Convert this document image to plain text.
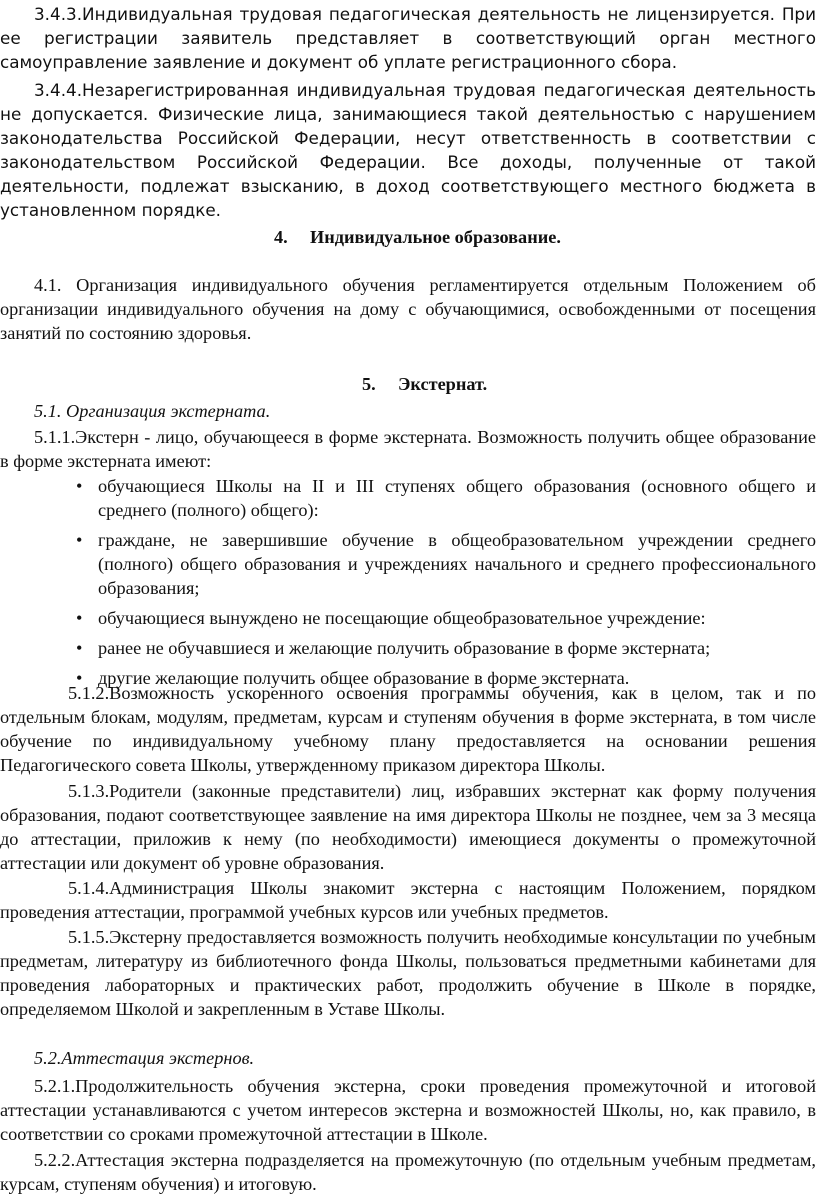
3.4.3.Индивидуальная трудовая педагогическая деятельность не лицензируется. При ее регистрации заявитель представляет в соответствующий орган местного самоуправление заявление и документ об уплате регистрационного сбора.

3.4.4.Незарегистрированная индивидуальная трудовая педагогическая деятельность не допускается. Физические лица, занимающиеся такой деятельностью с нарушением законодательства Российской Федерации, несут ответственность в соответствии с законодательством Российской Федерации. Все доходы, полученные от такой деятельности, подлежат взысканию, в доход соответствующего местного бюджета в установленном порядке.

4. Индивидуальное образование.

4.1. Организация индивидуального обучения регламентируется отдельным Положением об организации индивидуального обучения на дому с обучающимися, освобожденными от посещения занятий по состоянию здоровья.

5. Экстернат.

5.1. Организация экстерната.

5.1.1.Экстерн - лицо, обучающееся в форме экстерната. Возможность получить общее образование в форме экстерната имеют:

• обучающиеся Школы на II и III ступенях общего образования (основного общего и среднего (полного) общего):
• граждане, не завершившие обучение в общеобразовательном учреждении среднего (полного) общего образования и учреждениях начального и среднего профессионального образования;
• обучающиеся вынуждено не посещающие общеобразовательное учреждение:
• ранее не обучавшиеся и желающие получить образование в форме экстерната;
• другие желающие получить общее образование в форме экстерната.

5.1.2.Возможность ускоренного освоения программы обучения, как в целом, так и по отдельным блокам, модулям, предметам, курсам и ступеням обучения в форме экстерната, в том числе обучение по индивидуальному учебному плану предоставляется на основании решения Педагогического совета Школы, утвержденному приказом директора Школы.

5.1.3.Родители (законные представители) лиц, избравших экстернат как форму получения образования, подают соответствующее заявление на имя директора Школы не позднее, чем за 3 месяца до аттестации, приложив к нему (по необходимости) имеющиеся документы о промежуточной аттестации или документ об уровне образования.

5.1.4.Администрация Школы знакомит экстерна с настоящим Положением, порядком проведения аттестации, программой учебных курсов или учебных предметов.

5.1.5.Экстерну предоставляется возможность получить необходимые консультации по учебным предметам, литературу из библиотечного фонда Школы, пользоваться предметными кабинетами для проведения лабораторных и практических работ, продолжить обучение в Школе в порядке, определяемом Школой и закрепленным в Уставе Школы.

5.2.Аттестация экстернов.

5.2.1.Продолжительность обучения экстерна, сроки проведения промежуточной и итоговой аттестации устанавливаются с учетом интересов экстерна и возможностей Школы, но, как правило, в соответствии со сроками промежуточной аттестации в Школе.

5.2.2.Аттестация экстерна подразделяется на промежуточную (по отдельным учебным предметам, курсам, ступеням обучения) и итоговую.
